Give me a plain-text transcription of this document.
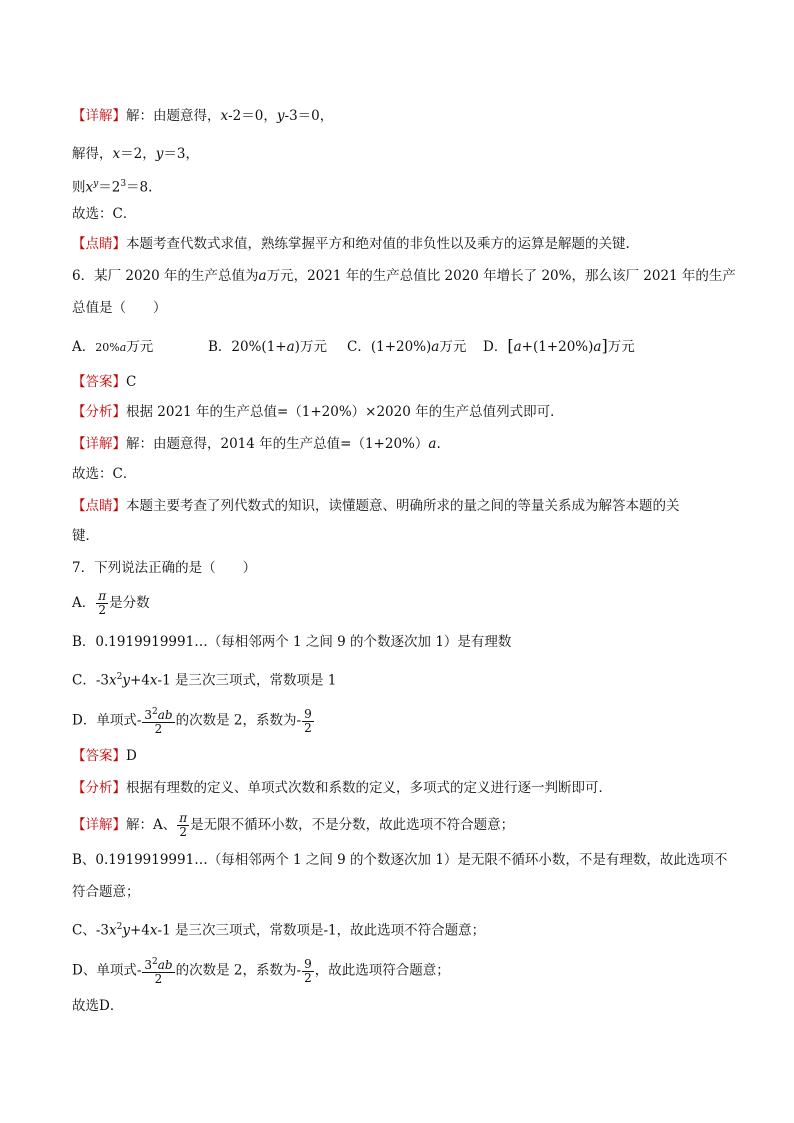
【详解】解：由题意得，x-2＝0，y-3＝0，
解得，x＝2，y＝3，
则$x^y=2^3=8$.
故选：C．
【点睛】本题考查代数式求值，熟练掌握平方和绝对值的非负性以及乘方的运算是解题的关键.
6．某厂 2020 年的生产总值为a万元，2021 年的生产总值比 2020 年增长了 20%，那么该厂 2021 年的生产
总值是（　　）
A．20%a万元	B．20%(1+a)万元 C．(1+20%)a万元 D．[a+(1+20%)a]万元
【答案】C
【分析】根据 2021 年的生产总值=（1+20%）×2020 年的生产总值列式即可．
【详解】解：由题意得，2014 年的生产总值=（1+20%）a.
故选：C．
【点睛】本题主要考查了列代数式的知识，读懂题意、明确所求的量之间的等量关系成为解答本题的关
键．
7．下列说法正确的是（　　）
A． $\frac{\pi}{2}$ 是分数
B．0.1919919991…（每相邻两个 1 之间 9 的个数逐次加 1）是有理数
C．$-3x^2y+4x-1$ 是三次三项式，常数项是 1
D．单项式- $\frac{3^2ab}{2}$ 的次数是 2，系数为- $\frac{9}{2}$
【答案】D
【分析】根据有理数的定义、单项式次数和系数的定义，多项式的定义进行逐一判断即可．
【详解】解：A、 $\frac{\pi}{2}$ 是无限不循环小数，不是分数，故此选项不符合题意；
B、0.1919919991…（每相邻两个 1 之间 9 的个数逐次加 1）是无限不循环小数，不是有理数，故此选项不
符合题意；
C、$-3x^2y+4x-1$ 是三次三项式，常数项是-1，故此选项不符合题意；
D、单项式- $\frac{3^2ab}{2}$ 的次数是 2，系数为- $\frac{9}{2}$ ，故此选项符合题意；
故选D．
